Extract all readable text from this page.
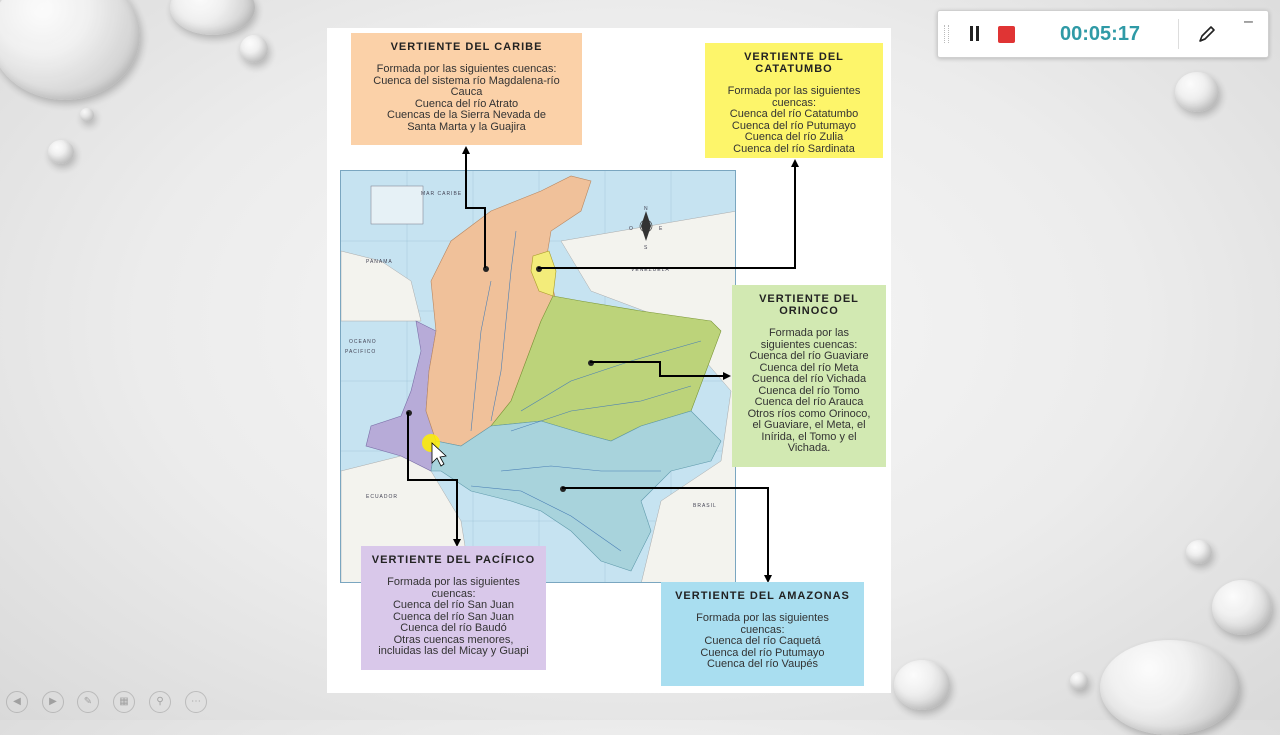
MAR CARIBE
PANAMA
VENEZUELA
OCEANO
PACIFICO
ECUADOR
BRASIL
N
S
E
O
VERTIENTE DEL CARIBE
Formada por las siguientes cuencas:
Cuenca del sistema río Magdalena-río
Cauca
Cuenca del río Atrato
Cuencas de la Sierra Nevada de
Santa Marta y la Guajira
VERTIENTE DEL CATATUMBO
Formada por las siguientes
cuencas:
Cuenca del río Catatumbo
Cuenca del río Putumayo
Cuenca del río Zulia
Cuenca del río Sardinata
VERTIENTE DEL
ORINOCO
Formada por las
siguientes cuencas:
Cuenca del río Guaviare
Cuenca del río Meta
Cuenca del río Vichada
Cuenca del río Tomo
Cuenca del río Arauca
Otros ríos como Orinoco,
el Guaviare, el Meta, el
Inírida, el Tomo y el
Vichada.
VERTIENTE DEL PACÍFICO
Formada por las siguientes
cuencas:
Cuenca del río San Juan
Cuenca del río San Juan
Cuenca del río Baudó
Otras cuencas menores,
incluidas las del Micay y Guapi
VERTIENTE DEL AMAZONAS
Formada por las siguientes
cuencas:
Cuenca del río Caquetá
Cuenca del río Putumayo
Cuenca del río Vaupés
00:05:17
–
◀	▶	✎	▦	⚲	⋯
